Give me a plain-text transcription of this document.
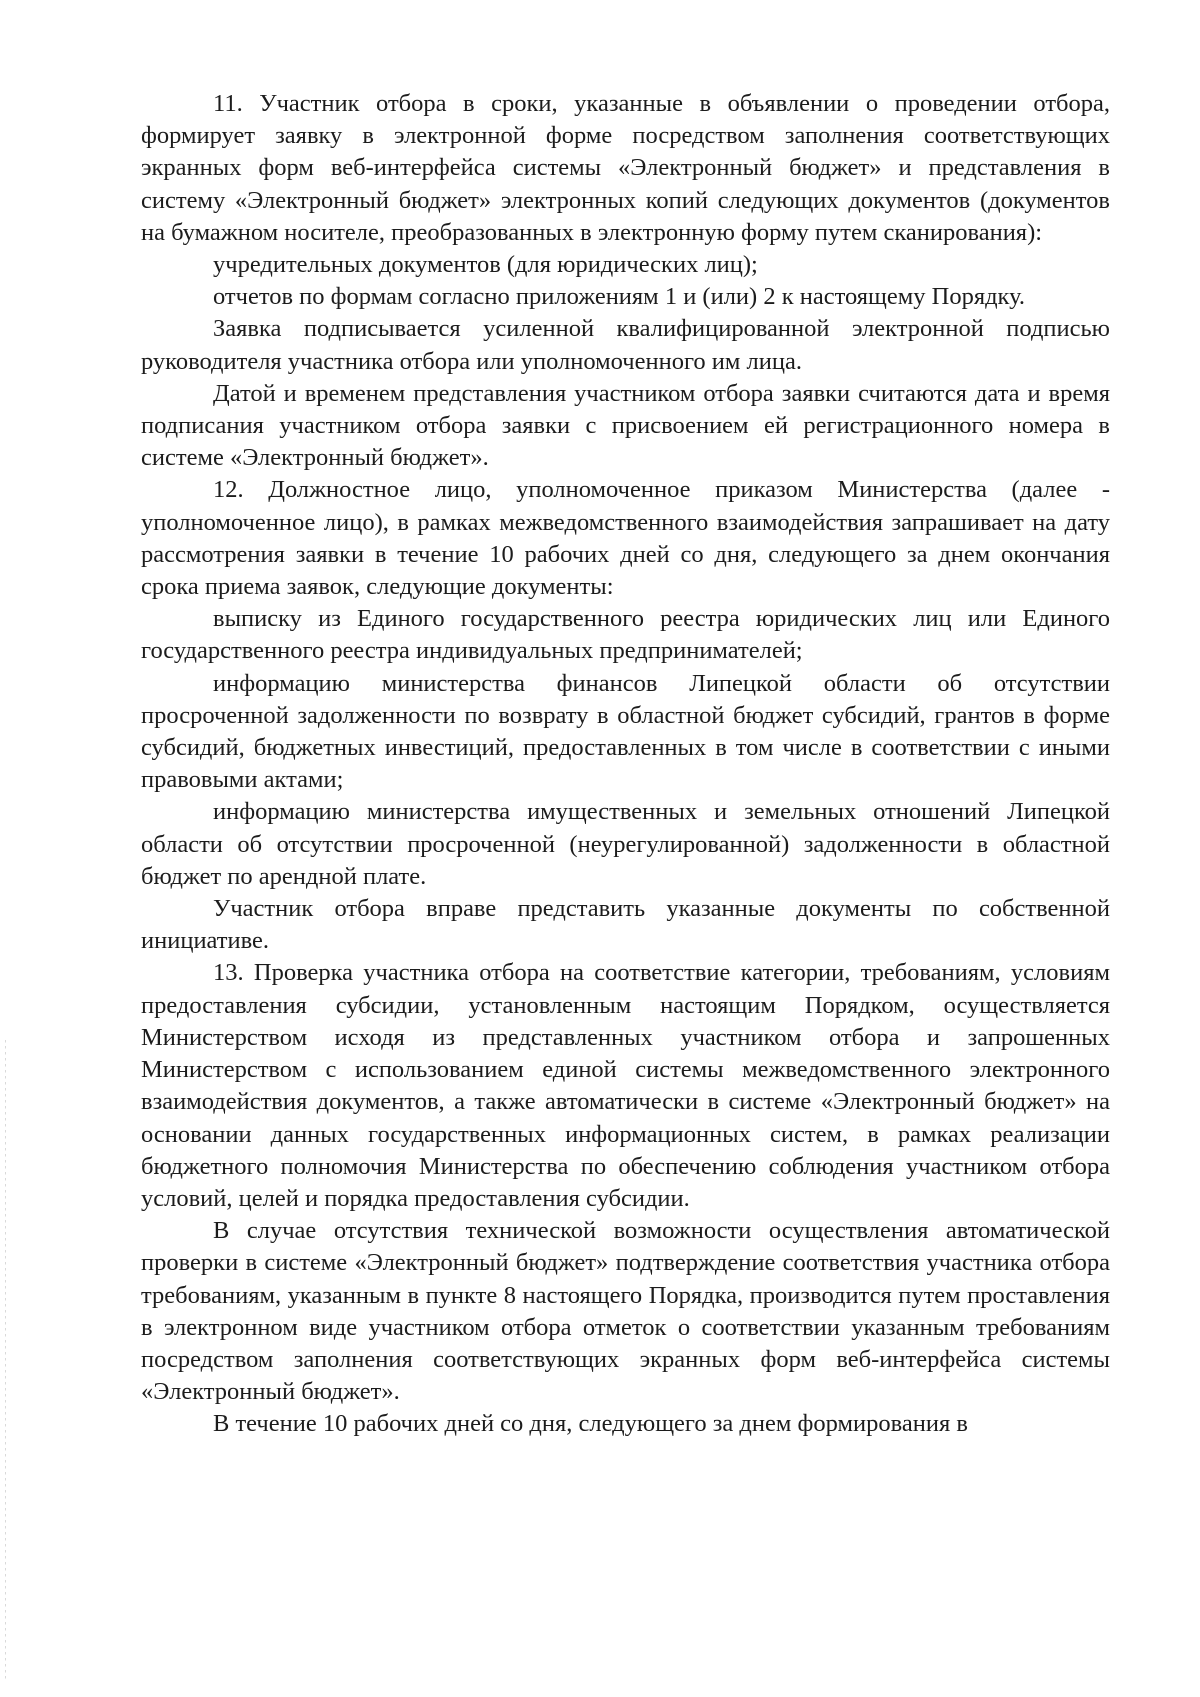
11. Участник отбора в сроки, указанные в объявлении о проведении отбора, формирует заявку в электронной форме посредством заполнения соответствующих экранных форм веб-интерфейса системы «Электронный бюджет» и представления в систему «Электронный бюджет» электронных копий следующих документов (документов на бумажном носителе, преобразованных в электронную форму путем сканирования):

учредительных документов (для юридических лиц);

отчетов по формам согласно приложениям 1 и (или) 2 к настоящему Порядку.

Заявка подписывается усиленной квалифицированной электронной подписью руководителя участника отбора или уполномоченного им лица.

Датой и временем представления участником отбора заявки считаются дата и время подписания участником отбора заявки с присвоением ей регистрационного номера в системе «Электронный бюджет».

12. Должностное лицо, уполномоченное приказом Министерства (далее - уполномоченное лицо), в рамках межведомственного взаимодействия запрашивает на дату рассмотрения заявки в течение 10 рабочих дней со дня, следующего за днем окончания срока приема заявок, следующие документы:

выписку из Единого государственного реестра юридических лиц или Единого государственного реестра индивидуальных предпринимателей;

информацию министерства финансов Липецкой области об отсутствии просроченной задолженности по возврату в областной бюджет субсидий, грантов в форме субсидий, бюджетных инвестиций, предоставленных в том числе в соответствии с иными правовыми актами;

информацию министерства имущественных и земельных отношений Липецкой области об отсутствии просроченной (неурегулированной) задолженности в областной бюджет по арендной плате.

Участник отбора вправе представить указанные документы по собственной инициативе.

13. Проверка участника отбора на соответствие категории, требованиям, условиям предоставления субсидии, установленным настоящим Порядком, осуществляется Министерством исходя из представленных участником отбора и запрошенных Министерством с использованием единой системы межведомственного электронного взаимодействия документов, а также автоматически в системе «Электронный бюджет» на основании данных государственных информационных систем, в рамках реализации бюджетного полномочия Министерства по обеспечению соблюдения участником отбора условий, целей и порядка предоставления субсидии.

В случае отсутствия технической возможности осуществления автоматической проверки в системе «Электронный бюджет» подтверждение соответствия участника отбора требованиям, указанным в пункте 8 настоящего Порядка, производится путем проставления в электронном виде участником отбора отметок о соответствии указанным требованиям посредством заполнения соответствующих экранных форм веб-интерфейса системы «Электронный бюджет».

В течение 10 рабочих дней со дня, следующего за днем формирования в
